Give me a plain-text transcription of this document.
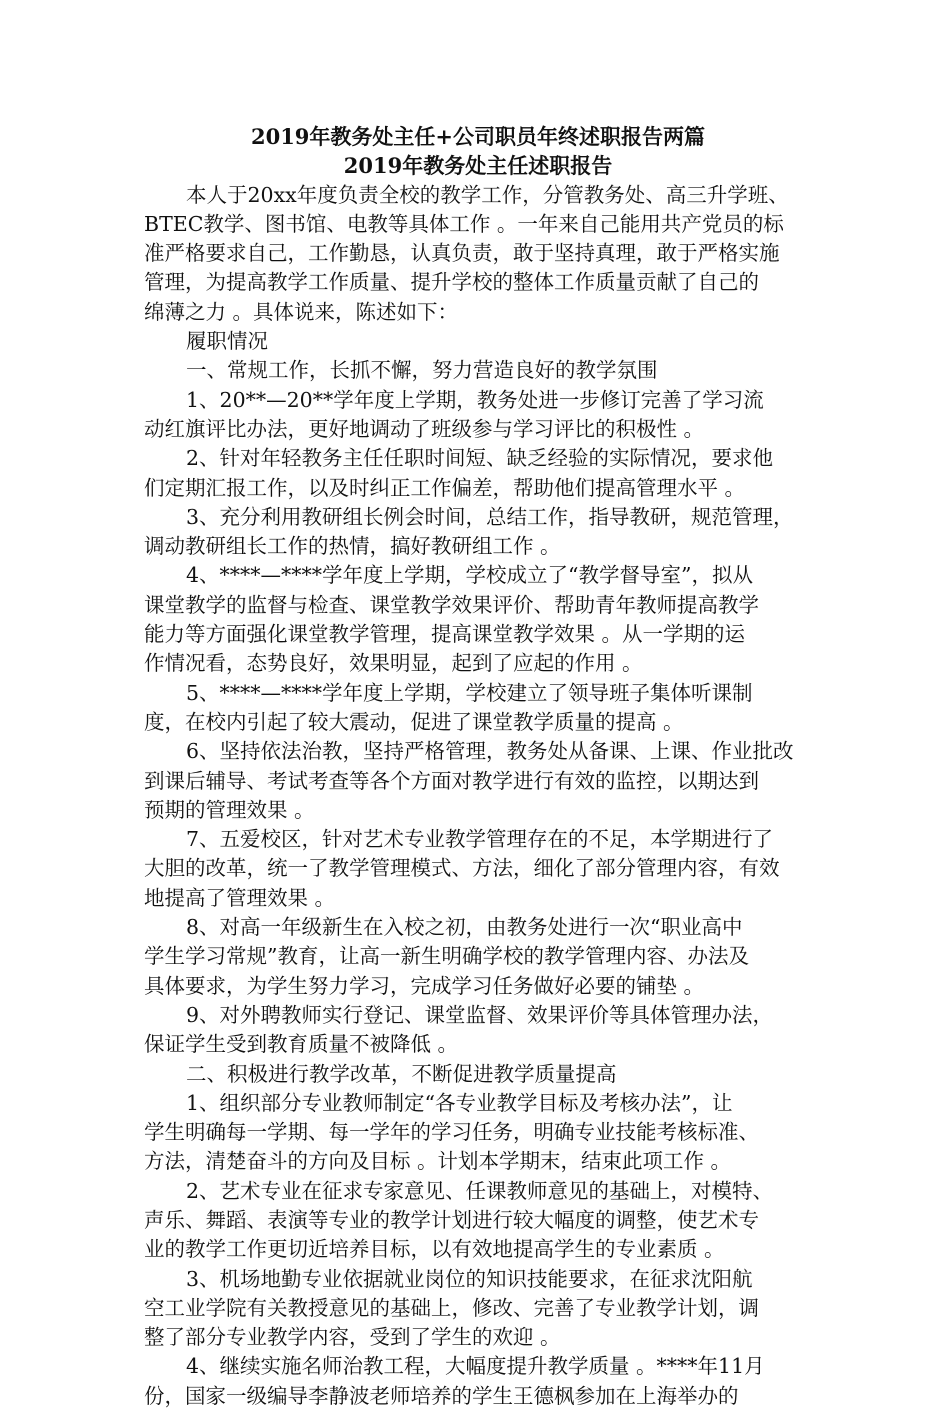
2019年教务处主任+公司职员年终述职报告两篇
2019年教务处主任述职报告
本人于20xx年度负责全校的教学工作，分管教务处、高三升学班、
BTEC教学、图书馆、电教等具体工作 。一年来自己能用共产党员的标
准严格要求自己，工作勤恳，认真负责，敢于坚持真理，敢于严格实施
管理，为提高教学工作质量、提升学校的整体工作质量贡献了自己的
绵薄之力 。具体说来，陈述如下：
履职情况
一、常规工作，长抓不懈，努力营造良好的教学氛围
1、20**—20**学年度上学期，教务处进一步修订完善了学习流
动红旗评比办法，更好地调动了班级参与学习评比的积极性 。
2、针对年轻教务主任任职时间短、缺乏经验的实际情况，要求他
们定期汇报工作，以及时纠正工作偏差，帮助他们提高管理水平 。
3、充分利用教研组长例会时间，总结工作，指导教研，规范管理，
调动教研组长工作的热情，搞好教研组工作 。
4、****—****学年度上学期，学校成立了“教学督导室”，拟从
课堂教学的监督与检查、课堂教学效果评价、帮助青年教师提高教学
能力等方面强化课堂教学管理，提高课堂教学效果 。从一学期的运
作情况看，态势良好，效果明显，起到了应起的作用 。
5、****—****学年度上学期，学校建立了领导班子集体听课制
度，在校内引起了较大震动，促进了课堂教学质量的提高 。
6、坚持依法治教，坚持严格管理，教务处从备课、上课、作业批改
到课后辅导、考试考查等各个方面对教学进行有效的监控，以期达到
预期的管理效果 。
7、五爱校区，针对艺术专业教学管理存在的不足，本学期进行了
大胆的改革，统一了教学管理模式、方法，细化了部分管理内容，有效
地提高了管理效果 。
8、对高一年级新生在入校之初，由教务处进行一次“职业高中
学生学习常规”教育，让高一新生明确学校的教学管理内容、办法及
具体要求，为学生努力学习，完成学习任务做好必要的铺垫 。
9、对外聘教师实行登记、课堂监督、效果评价等具体管理办法，
保证学生受到教育质量不被降低 。
二、积极进行教学改革，不断促进教学质量提高
1、组织部分专业教师制定“各专业教学目标及考核办法”，让
学生明确每一学期、每一学年的学习任务，明确专业技能考核标准、
方法，清楚奋斗的方向及目标 。计划本学期末，结束此项工作 。
2、艺术专业在征求专家意见、任课教师意见的基础上，对模特、
声乐、舞蹈、表演等专业的教学计划进行较大幅度的调整，使艺术专
业的教学工作更切近培养目标，以有效地提高学生的专业素质 。
3、机场地勤专业依据就业岗位的知识技能要求，在征求沈阳航
空工业学院有关教授意见的基础上，修改、完善了专业教学计划，调
整了部分专业教学内容，受到了学生的欢迎 。
4、继续实施名师治教工程，大幅度提升教学质量 。****年11月
份，国家一级编导李静波老师培养的学生王德枫参加在上海举办的
